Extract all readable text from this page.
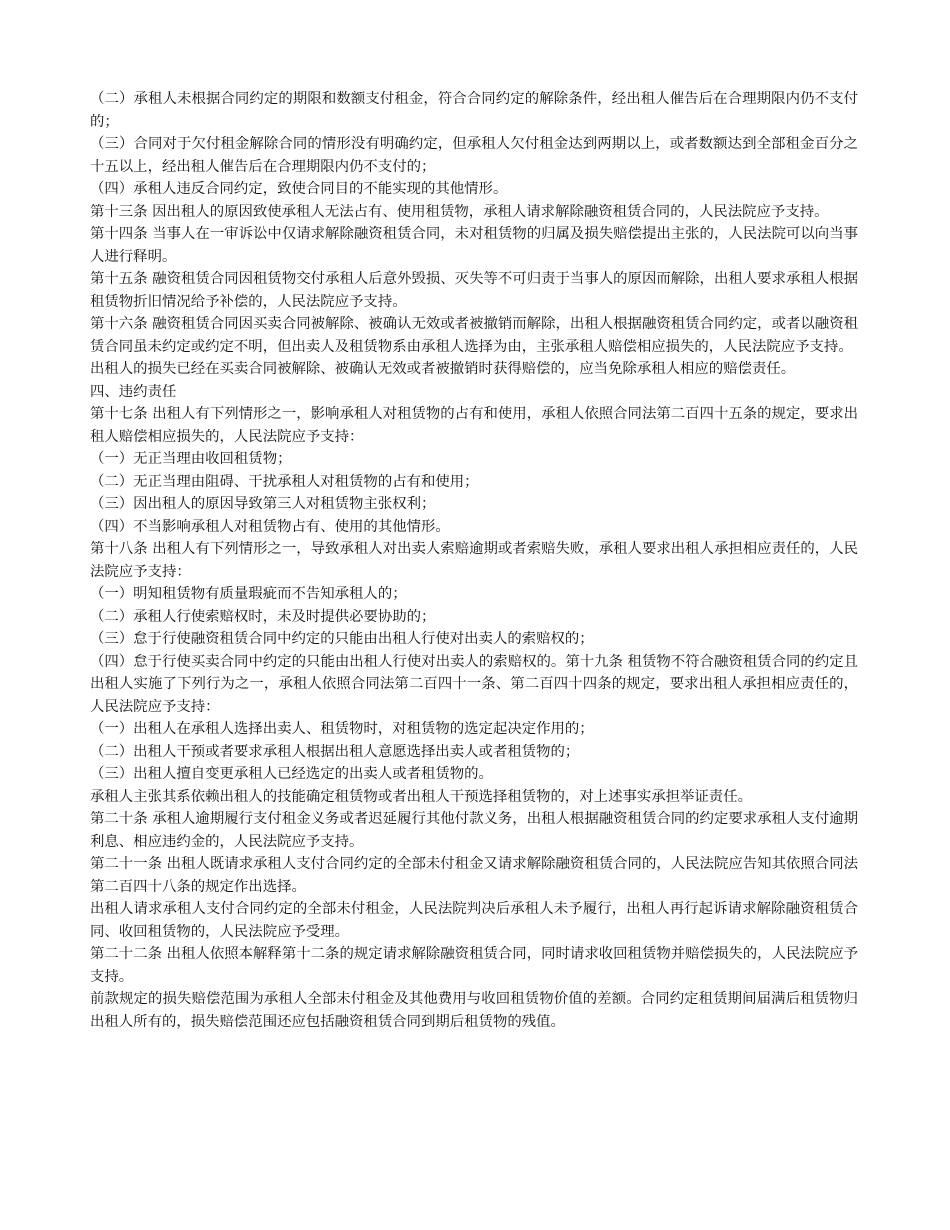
（二）承租人未根据合同约定的期限和数额支付租金，符合合同约定的解除条件，经出租人催告后在合理期限内仍不支付的；

（三）合同对于欠付租金解除合同的情形没有明确约定，但承租人欠付租金达到两期以上，或者数额达到全部租金百分之十五以上，经出租人催告后在合理期限内仍不支付的；

（四）承租人违反合同约定，致使合同目的不能实现的其他情形。

第十三条 因出租人的原因致使承租人无法占有、使用租赁物，承租人请求解除融资租赁合同的，人民法院应予支持。

第十四条 当事人在一审诉讼中仅请求解除融资租赁合同，未对租赁物的归属及损失赔偿提出主张的，人民法院可以向当事人进行释明。

第十五条 融资租赁合同因租赁物交付承租人后意外毁损、灭失等不可归责于当事人的原因而解除，出租人要求承租人根据租赁物折旧情况给予补偿的，人民法院应予支持。

第十六条 融资租赁合同因买卖合同被解除、被确认无效或者被撤销而解除，出租人根据融资租赁合同约定，或者以融资租赁合同虽未约定或约定不明，但出卖人及租赁物系由承租人选择为由，主张承租人赔偿相应损失的，人民法院应予支持。

出租人的损失已经在买卖合同被解除、被确认无效或者被撤销时获得赔偿的，应当免除承租人相应的赔偿责任。

四、违约责任

第十七条 出租人有下列情形之一，影响承租人对租赁物的占有和使用，承租人依照合同法第二百四十五条的规定，要求出租人赔偿相应损失的，人民法院应予支持：

（一）无正当理由收回租赁物；

（二）无正当理由阻碍、干扰承租人对租赁物的占有和使用；

（三）因出租人的原因导致第三人对租赁物主张权利；

（四）不当影响承租人对租赁物占有、使用的其他情形。

第十八条 出租人有下列情形之一，导致承租人对出卖人索赔逾期或者索赔失败，承租人要求出租人承担相应责任的，人民法院应予支持：

（一）明知租赁物有质量瑕疵而不告知承租人的；

（二）承租人行使索赔权时，未及时提供必要协助的；

（三）怠于行使融资租赁合同中约定的只能由出租人行使对出卖人的索赔权的；

（四）怠于行使买卖合同中约定的只能由出租人行使对出卖人的索赔权的。第十九条 租赁物不符合融资租赁合同的约定且出租人实施了下列行为之一，承租人依照合同法第二百四十一条、第二百四十四条的规定，要求出租人承担相应责任的，人民法院应予支持：

（一）出租人在承租人选择出卖人、租赁物时，对租赁物的选定起决定作用的；

（二）出租人干预或者要求承租人根据出租人意愿选择出卖人或者租赁物的；

（三）出租人擅自变更承租人已经选定的出卖人或者租赁物的。

承租人主张其系依赖出租人的技能确定租赁物或者出租人干预选择租赁物的，对上述事实承担举证责任。

第二十条 承租人逾期履行支付租金义务或者迟延履行其他付款义务，出租人根据融资租赁合同的约定要求承租人支付逾期利息、相应违约金的，人民法院应予支持。

第二十一条 出租人既请求承租人支付合同约定的全部未付租金又请求解除融资租赁合同的，人民法院应告知其依照合同法第二百四十八条的规定作出选择。

出租人请求承租人支付合同约定的全部未付租金，人民法院判决后承租人未予履行，出租人再行起诉请求解除融资租赁合同、收回租赁物的，人民法院应予受理。

第二十二条 出租人依照本解释第十二条的规定请求解除融资租赁合同，同时请求收回租赁物并赔偿损失的，人民法院应予支持。

前款规定的损失赔偿范围为承租人全部未付租金及其他费用与收回租赁物价值的差额。合同约定租赁期间届满后租赁物归出租人所有的，损失赔偿范围还应包括融资租赁合同到期后租赁物的残值。
